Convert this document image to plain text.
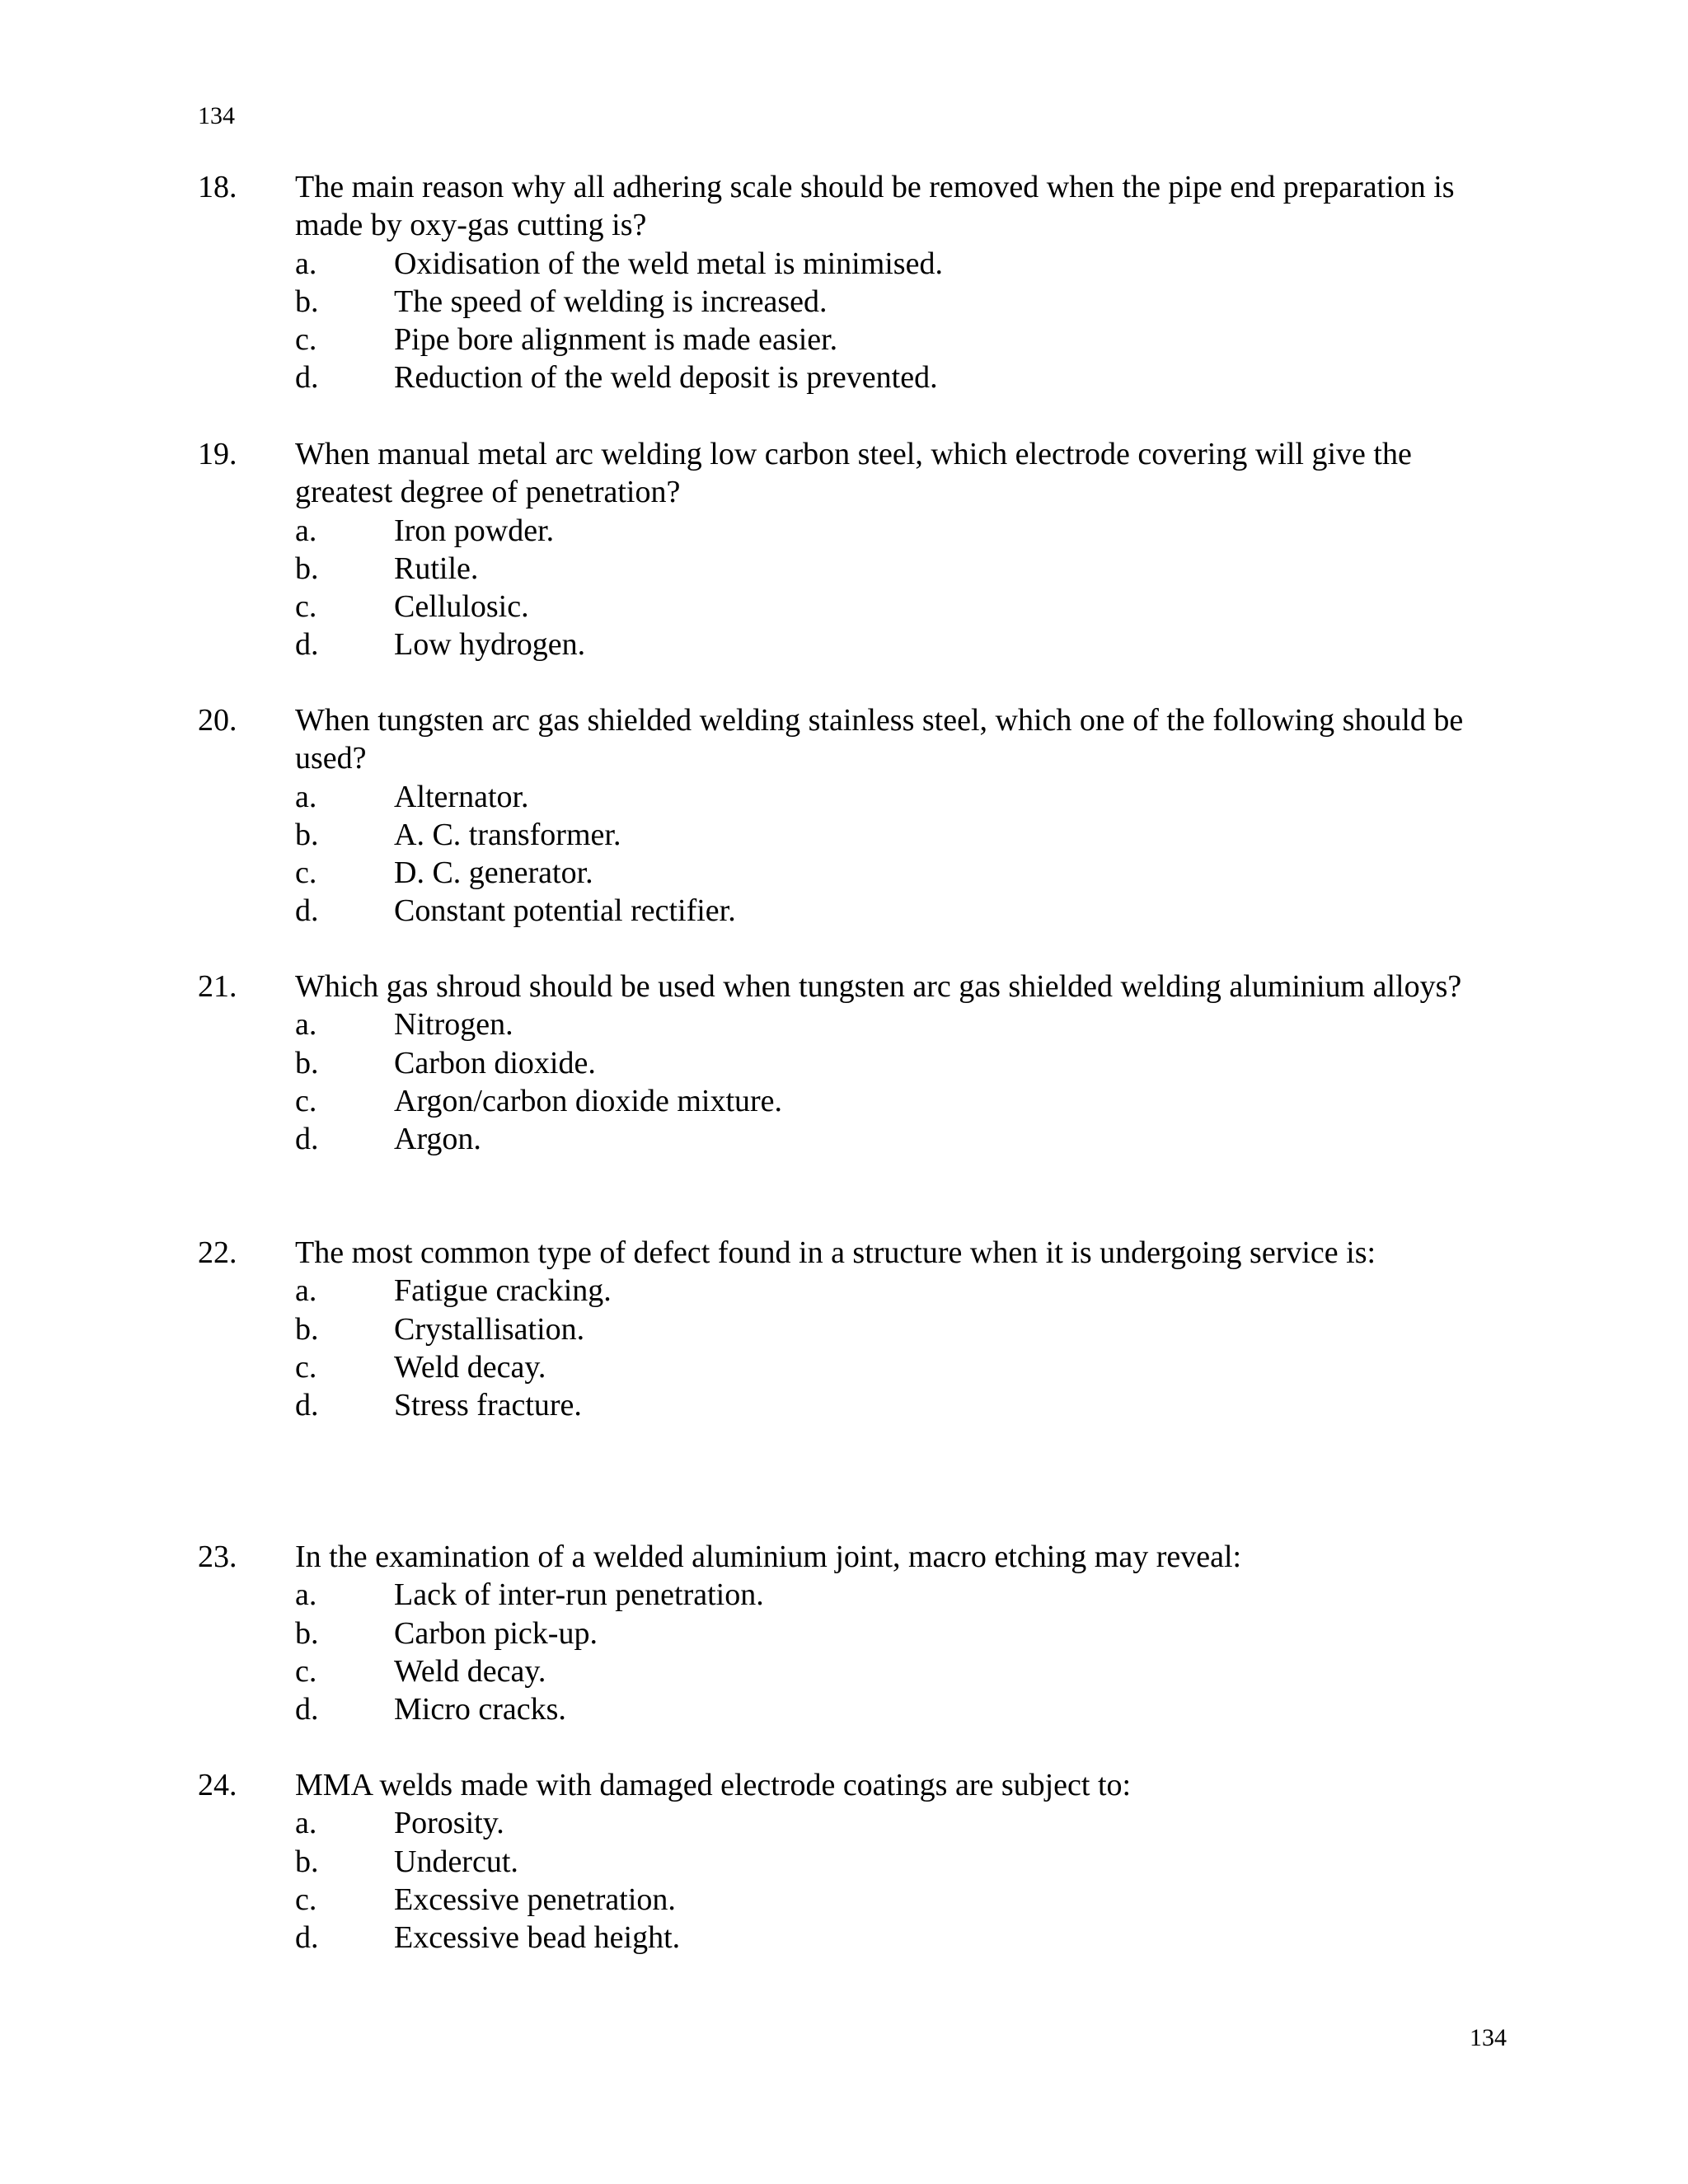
134
18.	The main reason why all adhering scale should be removed when the pipe end preparation is made by oxy-gas cutting is?
a. Oxidisation of the weld metal is minimised.
b. The speed of welding is increased.
c. Pipe bore alignment is made easier.
d. Reduction of the weld deposit is prevented.
19.	When manual metal arc welding low carbon steel, which electrode covering will give the greatest degree of penetration?
a. Iron powder.
b. Rutile.
c. Cellulosic.
d. Low hydrogen.
20.	When tungsten arc gas shielded welding stainless steel, which one of the following should be used?
a. Alternator.
b. A. C. transformer.
c. D. C. generator.
d. Constant potential rectifier.
21.	Which gas shroud should be used when tungsten arc gas shielded welding aluminium alloys?
a. Nitrogen.
b. Carbon dioxide.
c. Argon/carbon dioxide mixture.
d. Argon.
22.	The most common type of defect found in a structure when it is undergoing service is:
a. Fatigue cracking.
b. Crystallisation.
c. Weld decay.
d. Stress fracture.
23.	In the examination of a welded aluminium joint, macro etching may reveal:
a. Lack of inter-run penetration.
b. Carbon pick-up.
c. Weld decay.
d. Micro cracks.
24.	MMA welds made with damaged electrode coatings are subject to:
a. Porosity.
b. Undercut.
c. Excessive penetration.
d. Excessive bead height.
134
